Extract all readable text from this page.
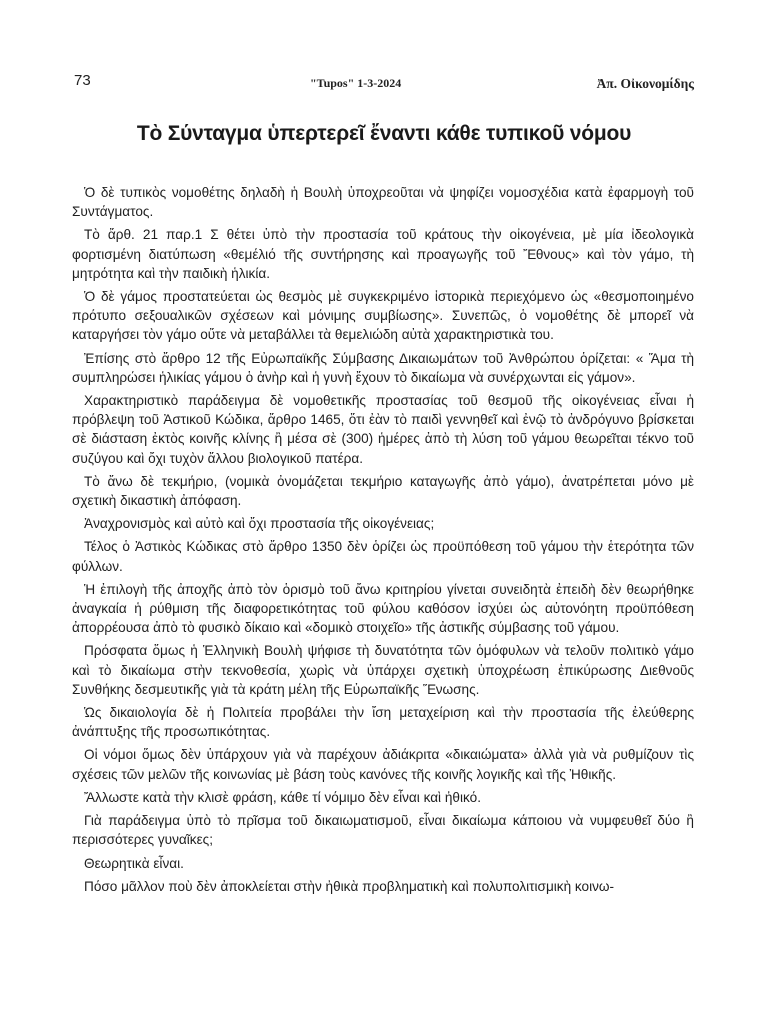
73	"Tupos" 1-3-2024	Ἀπ. Οἰκονομίδης
Τὸ Σύνταγμα ὑπερτερεῖ ἔναντι κάθε τυπικοῦ νόμου

Ὁ δὲ τυπικὸς νομοθέτης δηλαδὴ ἡ Βουλὴ ὑποχρεοῦται νὰ ψηφίζει νομοσχέδια κατὰ ἐφαρμογὴ τοῦ Συντάγματος.

Τὸ ἄρθ. 21 παρ.1 Σ θέτει ὑπὸ τὴν προστασία τοῦ κράτους τὴν οἰκογένεια, μὲ μία ἰδεολογικὰ φορτισμένη διατύπωση «θεμέλιό τῆς συντήρησης καὶ προαγωγῆς τοῦ Ἔθνους» καὶ τὸν γάμο, τὴ μητρότητα καὶ τὴν παιδικὴ ἡλικία.

Ὁ δὲ γάμος προστατεύεται ὡς θεσμὸς μὲ συγκεκριμένο ἱστορικὰ περιεχόμενο ὡς «θεσμοποιημένο πρότυπο σεξουαλικῶν σχέσεων καὶ μόνιμης συμβίωσης». Συνεπῶς, ὁ νομοθέτης δὲ μπορεῖ νὰ καταργήσει τὸν γάμο οὔτε νὰ μεταβάλλει τὰ θεμελιώδη αὐτὰ χαρακτηριστικὰ του.

Ἐπίσης στὸ ἄρθρο 12 τῆς Εὐρωπαϊκῆς Σύμβασης Δικαιωμάτων τοῦ Ἀνθρώπου ὁρίζεται: « Ἅμα τὴ συμπληρώσει ἡλικίας γάμου ὁ ἀνὴρ καὶ ἡ γυνὴ ἔχουν τὸ δικαίωμα νὰ συνέρχωνται εἰς γάμον».

Χαρακτηριστικὸ παράδειγμα δὲ νομοθετικῆς προστασίας τοῦ θεσμοῦ τῆς οἰκογένειας εἶναι ἡ πρόβλεψη τοῦ Ἀστικοῦ Κώδικα, ἄρθρο 1465, ὅτι ἐὰν τὸ παιδὶ γεννηθεῖ καὶ ἐνῷ τὸ ἀνδρόγυνο βρίσκεται σὲ διάσταση ἐκτὸς κοινῆς κλίνης ἢ μέσα σὲ (300) ἡμέρες ἀπὸ τὴ λύση τοῦ γάμου θεωρεῖται τέκνο τοῦ συζύγου καὶ ὄχι τυχὸν ἄλλου βιολογικοῦ πατέρα.

Τὸ ἄνω δὲ τεκμήριο, (νομικὰ ὀνομάζεται τεκμήριο καταγωγῆς ἀπὸ γάμο), ἀνατρέπεται μόνο μὲ σχετικὴ δικαστικὴ ἀπόφαση.

Ἀναχρονισμὸς καὶ αὐτὸ καὶ ὄχι προστασία τῆς οἰκογένειας;

Τέλος ὁ Ἀστικὸς Κώδικας στὸ ἄρθρο 1350 δὲν ὁρίζει ὡς προϋπόθεση τοῦ γάμου τὴν ἑτερότητα τῶν φύλλων.

Ἡ ἐπιλογὴ τῆς ἀποχῆς ἀπὸ τὸν ὁρισμὸ τοῦ ἄνω κριτηρίου γίνεται συνειδητὰ ἐπειδὴ δὲν θεωρήθηκε ἀναγκαία ἡ ρύθμιση τῆς διαφορετικότητας τοῦ φύλου καθόσον ἰσχύει ὡς αὐτονόητη προϋπόθεση ἀπορρέουσα ἀπὸ τὸ φυσικὸ δίκαιο καὶ «δομικὸ στοιχεῖο» τῆς ἀστικῆς σύμβασης τοῦ γάμου.

Πρόσφατα ὅμως ἡ Ἑλληνικὴ Βουλὴ ψήφισε τὴ δυνατότητα τῶν ὁμόφυλων νὰ τελοῦν πολιτικὸ γάμο καὶ τὸ δικαίωμα στὴν τεκνοθεσία, χωρὶς νὰ ὑπάρχει σχετικὴ ὑποχρέωση ἐπικύρωσης Διεθνοῦς Συνθήκης δεσμευτικῆς γιὰ τὰ κράτη μέλη τῆς Εὐρωπαϊκῆς Ἕνωσης.

Ὡς δικαιολογία δὲ ἡ Πολιτεία προβάλει τὴν ἴση μεταχείριση καὶ τὴν προστασία τῆς ἐλεύθερης ἀνάπτυξης τῆς προσωπικότητας.

Οἱ νόμοι ὅμως δὲν ὑπάρχουν γιὰ νὰ παρέχουν ἀδιάκριτα «δικαιώματα» ἀλλὰ γιὰ νὰ ρυθμίζουν τὶς σχέσεις τῶν μελῶν τῆς κοινωνίας μὲ βάση τοὺς κανόνες τῆς κοινῆς λογικῆς καὶ τῆς Ἠθικῆς.

Ἄλλωστε κατὰ τὴν κλισὲ φράση, κάθε τί νόμιμο δὲν εἶναι καὶ ἠθικό.

Γιὰ παράδειγμα ὑπὸ τὸ πρῖσμα τοῦ δικαιωματισμοῦ, εἶναι δικαίωμα κάποιου νὰ νυμφευθεῖ δύο ἢ περισσότερες γυναῖκες;

Θεωρητικὰ εἶναι.

Πόσο μᾶλλον ποὺ δὲν ἀποκλείεται στὴν ἠθικὰ προβληματικὴ καὶ πολυπολιτισμικὴ κοινω-
